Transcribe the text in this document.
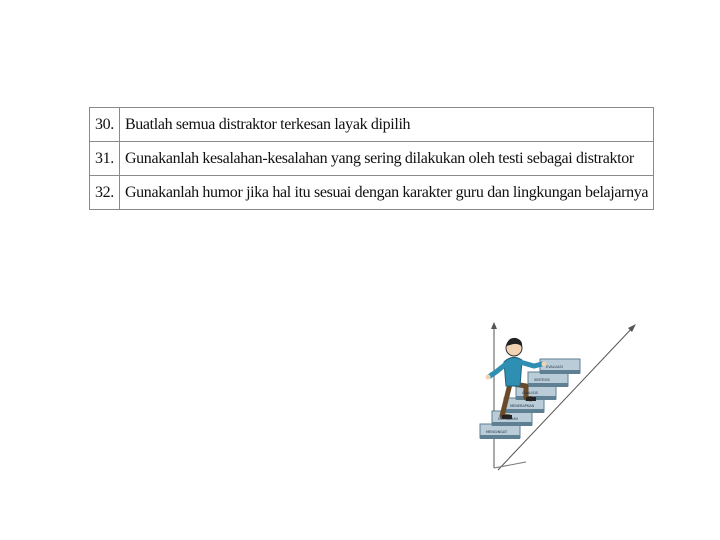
30.	Buatlah semua distraktor terkesan layak dipilih
31.	Gunakanlah kesalahan-kesalahan yang sering dilakukan oleh testi sebagai distraktor
32.	Gunakanlah humor jika hal itu sesuai dengan karakter guru dan lingkungan belajarnya
MENGINGAT
MEMAHAMI
MENERAPKAN
ANALISIS
SINTESIS
EVALUASI
